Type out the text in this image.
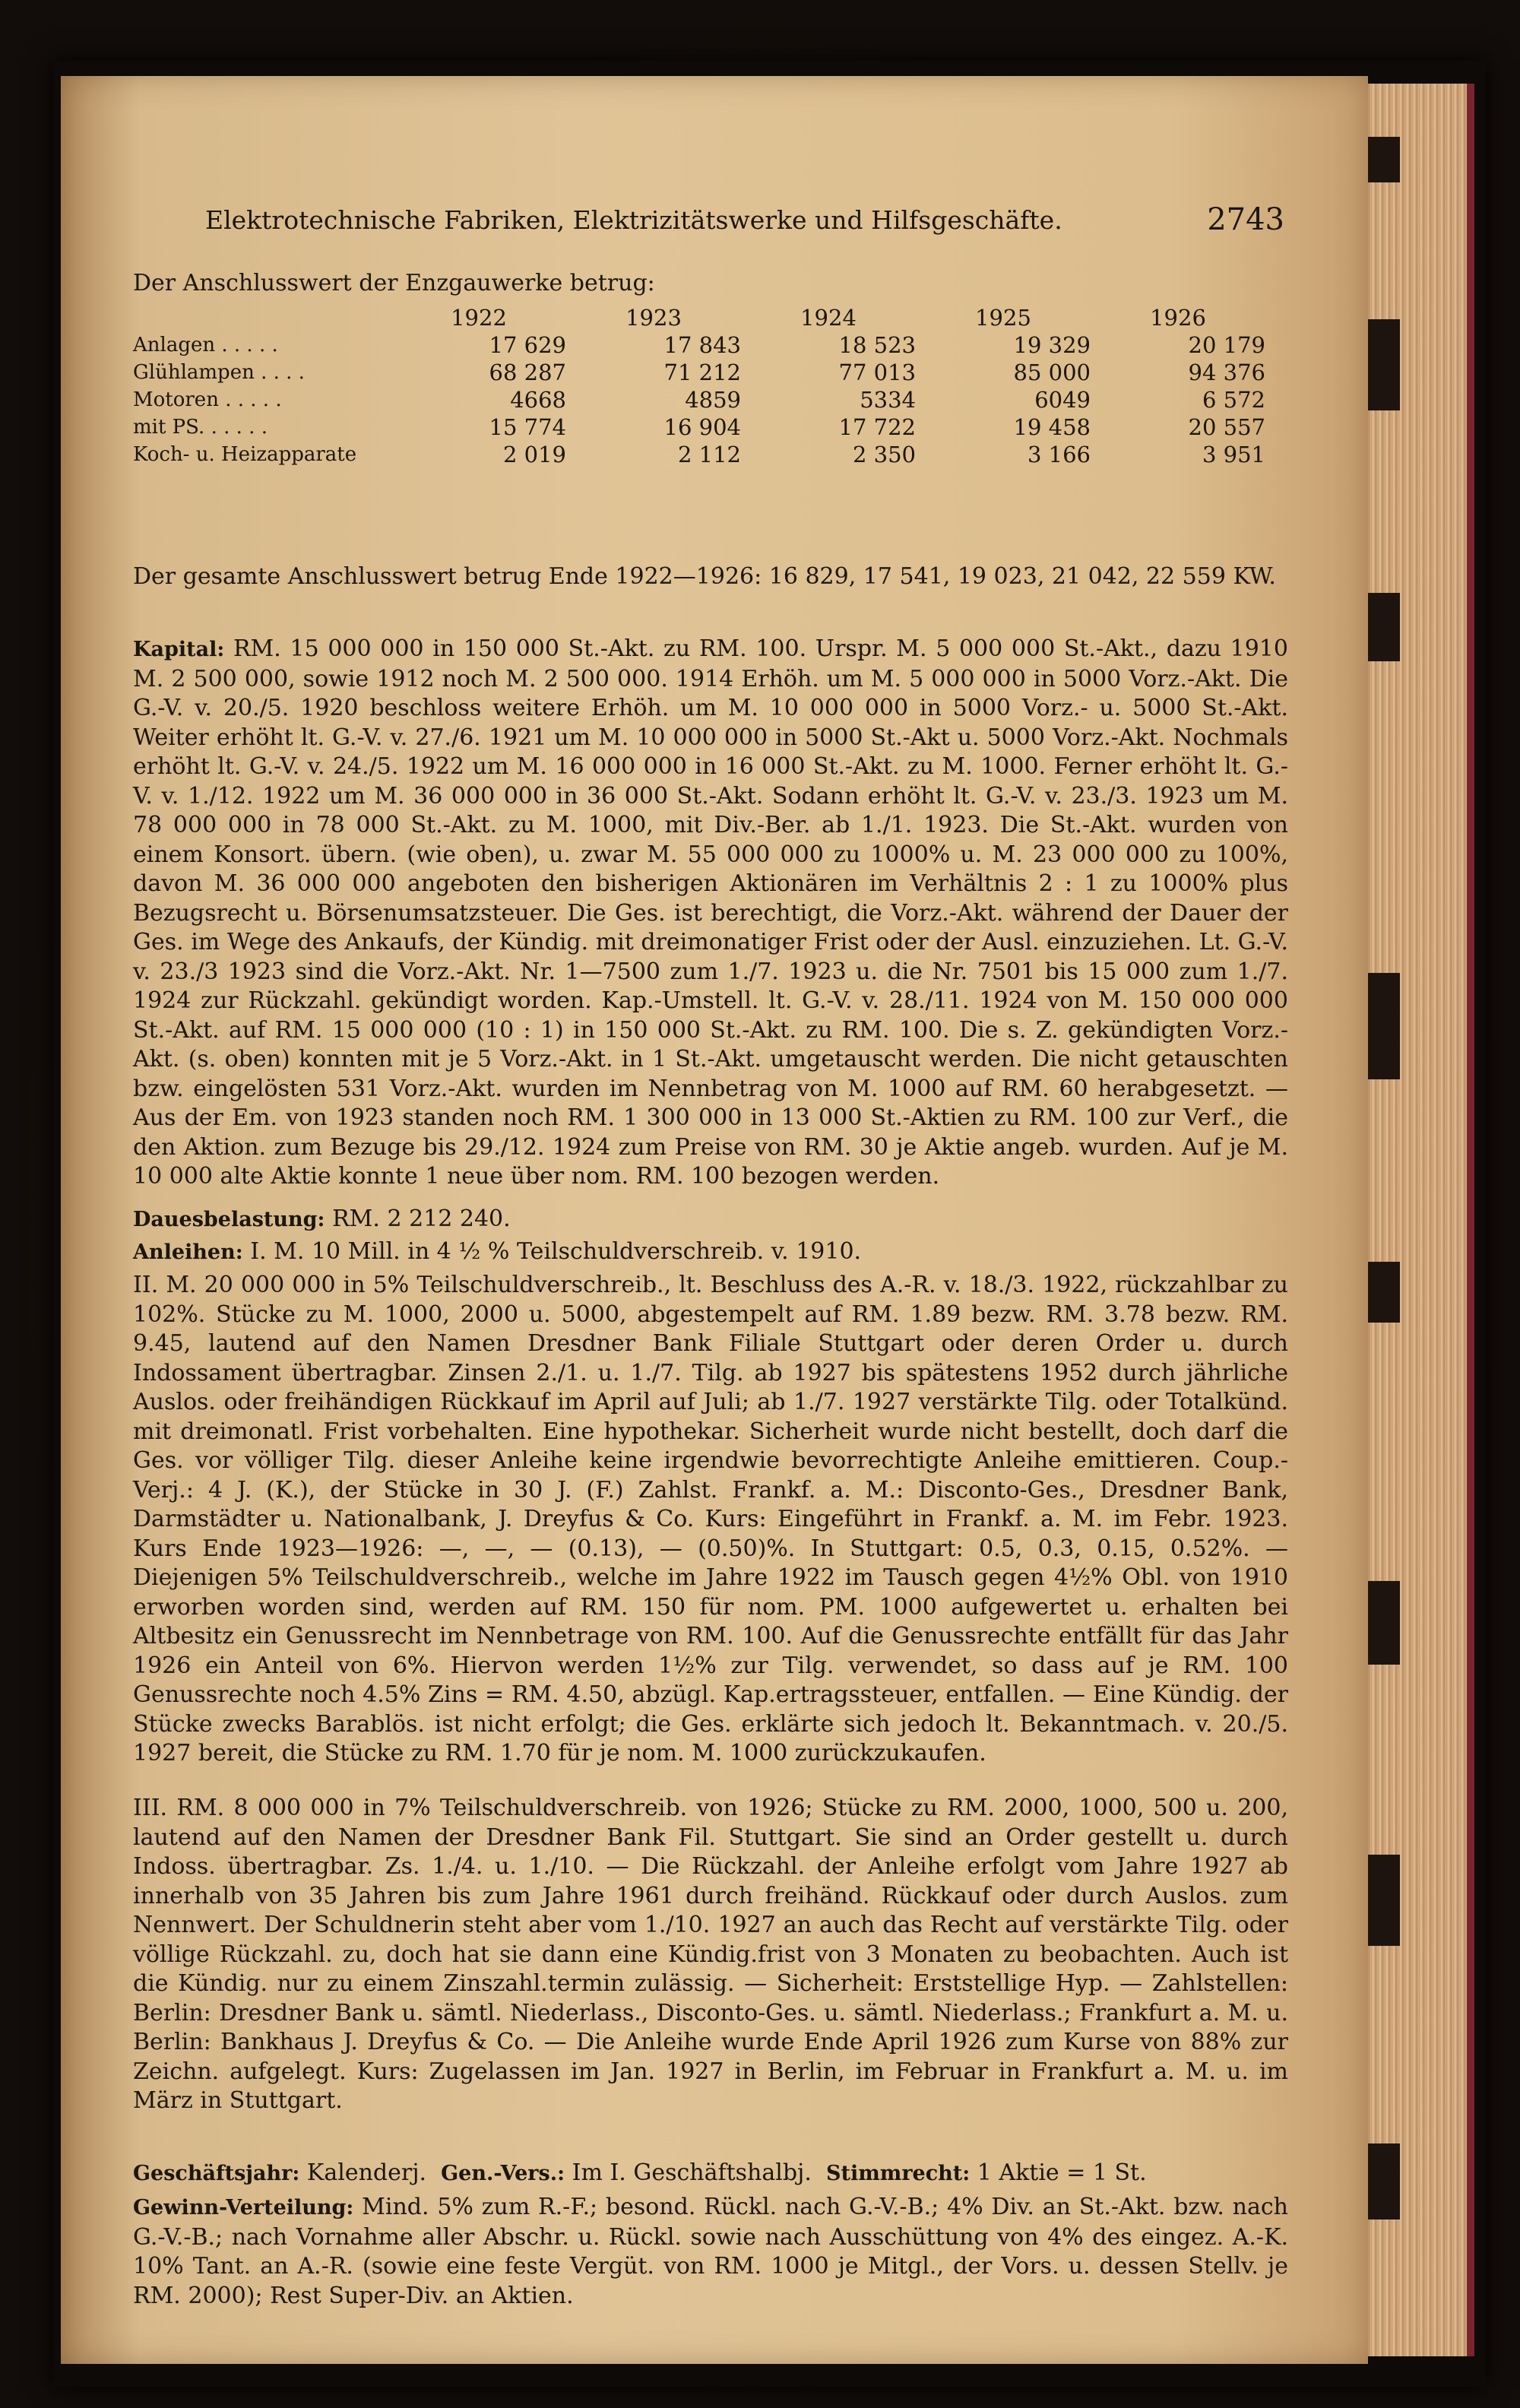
Elektrotechnische Fabriken, Elektrizitätswerke und Hilfsgeschäfte.	2743
Der Anschlusswert der Enzgauwerke betrug:
	1922	1923	1924	1925	1926
Anlagen . . . . .	17 629	17 843	18 523	19 329	20 179
Glühlampen . . . .	68 287	71 212	77 013	85 000	94 376
Motoren . . . . .	4668	4859	5334	6049	6 572
mit PS. . . . . .	15 774	16 904	17 722	19 458	20 557
Koch- u. Heizapparate	2 019	2 112	2 350	3 166	3 951
Der gesamte Anschlusswert betrug Ende 1922—1926: 16 829, 17 541, 19 023, 21 042, 22 559 KW.
Kapital: RM. 15 000 000 in 150 000 St.-Akt. zu RM. 100. Urspr. M. 5 000 000 St.-Akt., dazu 1910 M. 2 500 000, sowie 1912 noch M. 2 500 000. 1914 Erhöh. um M. 5 000 000 in 5000 Vorz.-Akt. Die G.-V. v. 20./5. 1920 beschloss weitere Erhöh. um M. 10 000 000 in 5000 Vorz.- u. 5000 St.-Akt. Weiter erhöht lt. G.-V. v. 27./6. 1921 um M. 10 000 000 in 5000 St.-Akt u. 5000 Vorz.-Akt. Nochmals erhöht lt. G.-V. v. 24./5. 1922 um M. 16 000 000 in 16 000 St.-Akt. zu M. 1000. Ferner erhöht lt. G.-V. v. 1./12. 1922 um M. 36 000 000 in 36 000 St.-Akt. Sodann erhöht lt. G.-V. v. 23./3. 1923 um M. 78 000 000 in 78 000 St.-Akt. zu M. 1000, mit Div.-Ber. ab 1./1. 1923. Die St.-Akt. wurden von einem Konsort. übern. (wie oben), u. zwar M. 55 000 000 zu 1000% u. M. 23 000 000 zu 100%, davon M. 36 000 000 angeboten den bisherigen Aktionären im Verhältnis 2 : 1 zu 1000% plus Bezugsrecht u. Börsenumsatzsteuer. Die Ges. ist berechtigt, die Vorz.-Akt. während der Dauer der Ges. im Wege des Ankaufs, der Kündig. mit dreimonatiger Frist oder der Ausl. einzuziehen. Lt. G.-V. v. 23./3 1923 sind die Vorz.-Akt. Nr. 1—7500 zum 1./7. 1923 u. die Nr. 7501 bis 15 000 zum 1./7. 1924 zur Rückzahl. gekündigt worden. Kap.-Umstell. lt. G.-V. v. 28./11. 1924 von M. 150 000 000 St.-Akt. auf RM. 15 000 000 (10 : 1) in 150 000 St.-Akt. zu RM. 100. Die s. Z. gekündigten Vorz.-Akt. (s. oben) konnten mit je 5 Vorz.-Akt. in 1 St.-Akt. umgetauscht werden. Die nicht getauschten bzw. eingelösten 531 Vorz.-Akt. wurden im Nennbetrag von M. 1000 auf RM. 60 herabgesetzt. — Aus der Em. von 1923 standen noch RM. 1 300 000 in 13 000 St.-Aktien zu RM. 100 zur Verf., die den Aktion. zum Bezuge bis 29./12. 1924 zum Preise von RM. 30 je Aktie angeb. wurden. Auf je M. 10 000 alte Aktie konnte 1 neue über nom. RM. 100 bezogen werden.
Dauesbelastung: RM. 2 212 240.
Anleihen: I. M. 10 Mill. in 4 ½ % Teilschuldverschreib. v. 1910.
II. M. 20 000 000 in 5% Teilschuldverschreib., lt. Beschluss des A.-R. v. 18./3. 1922, rückzahlbar zu 102%. Stücke zu M. 1000, 2000 u. 5000, abgestempelt auf RM. 1.89 bezw. RM. 3.78 bezw. RM. 9.45, lautend auf den Namen Dresdner Bank Filiale Stuttgart oder deren Order u. durch Indossament übertragbar. Zinsen 2./1. u. 1./7. Tilg. ab 1927 bis spätestens 1952 durch jährliche Auslos. oder freihändigen Rückkauf im April auf Juli; ab 1./7. 1927 verstärkte Tilg. oder Totalkünd. mit dreimonatl. Frist vorbehalten. Eine hypothekar. Sicherheit wurde nicht bestellt, doch darf die Ges. vor völliger Tilg. dieser Anleihe keine irgendwie bevorrechtigte Anleihe emittieren. Coup.-Verj.: 4 J. (K.), der Stücke in 30 J. (F.) Zahlst. Frankf. a. M.: Disconto-Ges., Dresdner Bank, Darmstädter u. Nationalbank, J. Dreyfus & Co. Kurs: Eingeführt in Frankf. a. M. im Febr. 1923. Kurs Ende 1923—1926: —, —, — (0.13), — (0.50)%. In Stuttgart: 0.5, 0.3, 0.15, 0.52%. — Diejenigen 5% Teilschuldverschreib., welche im Jahre 1922 im Tausch gegen 4½% Obl. von 1910 erworben worden sind, werden auf RM. 150 für nom. PM. 1000 aufgewertet u. erhalten bei Altbesitz ein Genussrecht im Nennbetrage von RM. 100. Auf die Genussrechte entfällt für das Jahr 1926 ein Anteil von 6%. Hiervon werden 1½% zur Tilg. verwendet, so dass auf je RM. 100 Genussrechte noch 4.5% Zins = RM. 4.50, abzügl. Kap.ertragssteuer, entfallen. — Eine Kündig. der Stücke zwecks Barablös. ist nicht erfolgt; die Ges. erklärte sich jedoch lt. Bekanntmach. v. 20./5. 1927 bereit, die Stücke zu RM. 1.70 für je nom. M. 1000 zurückzukaufen.
III. RM. 8 000 000 in 7% Teilschuldverschreib. von 1926; Stücke zu RM. 2000, 1000, 500 u. 200, lautend auf den Namen der Dresdner Bank Fil. Stuttgart. Sie sind an Order gestellt u. durch Indoss. übertragbar. Zs. 1./4. u. 1./10. — Die Rückzahl. der Anleihe erfolgt vom Jahre 1927 ab innerhalb von 35 Jahren bis zum Jahre 1961 durch freihänd. Rückkauf oder durch Auslos. zum Nennwert. Der Schuldnerin steht aber vom 1./10. 1927 an auch das Recht auf verstärkte Tilg. oder völlige Rückzahl. zu, doch hat sie dann eine Kündig.frist von 3 Monaten zu beobachten. Auch ist die Kündig. nur zu einem Zinszahl.termin zulässig. — Sicherheit: Erststellige Hyp. — Zahlstellen: Berlin: Dresdner Bank u. sämtl. Niederlass., Disconto-Ges. u. sämtl. Niederlass.; Frankfurt a. M. u. Berlin: Bankhaus J. Dreyfus & Co. — Die Anleihe wurde Ende April 1926 zum Kurse von 88% zur Zeichn. aufgelegt. Kurs: Zugelassen im Jan. 1927 in Berlin, im Februar in Frankfurt a. M. u. im März in Stuttgart.
Geschäftsjahr: Kalenderj. Gen.-Vers.: Im I. Geschäftshalbj. Stimmrecht: 1 Aktie = 1 St.
Gewinn-Verteilung: Mind. 5% zum R.-F.; besond. Rückl. nach G.-V.-B.; 4% Div. an St.-Akt. bzw. nach G.-V.-B.; nach Vornahme aller Abschr. u. Rückl. sowie nach Ausschüttung von 4% des eingez. A.-K. 10% Tant. an A.-R. (sowie eine feste Vergüt. von RM. 1000 je Mitgl., der Vors. u. dessen Stellv. je RM. 2000); Rest Super-Div. an Aktien.
